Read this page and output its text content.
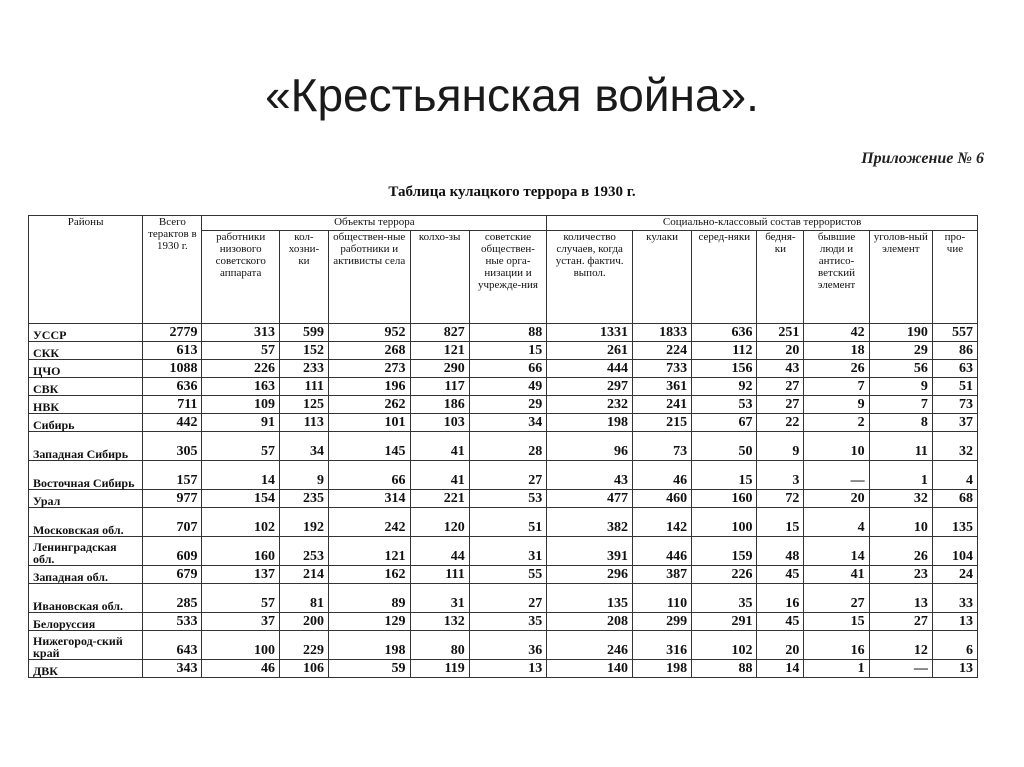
«Крестьянская война».
Приложение № 6
Таблица кулацкого террора в 1930 г.
Районы	Всего терактов в 1930 г.	Объекты террора					Социально-классовый состав террористов						
		работники низового советского аппарата	кол-хозни-ки	обществен-ные работники и активисты села	колхо-зы	советские обществен-ные орга-низации и учрежде-ния	количество случаев, когда устан. фактич. выпол.	кулаки	серед-няки	бедня-ки	бывшие люди и антисо-ветский элемент	уголов-ный элемент	про-чие
УССР	2779	313	599	952	827	88	1331	1833	636	251	42	190	557
СКК	613	57	152	268	121	15	261	224	112	20	18	29	86
ЦЧО	1088	226	233	273	290	66	444	733	156	43	26	56	63
СВК	636	163	111	196	117	49	297	361	92	27	7	9	51
НВК	711	109	125	262	186	29	232	241	53	27	9	7	73
Сибирь	442	91	113	101	103	34	198	215	67	22	2	8	37
Западная Сибирь	305	57	34	145	41	28	96	73	50	9	10	11	32
Восточная Сибирь	157	14	9	66	41	27	43	46	15	3	—	1	4
Урал	977	154	235	314	221	53	477	460	160	72	20	32	68
Московская обл.	707	102	192	242	120	51	382	142	100	15	4	10	135
Ленинградская обл.	609	160	253	121	44	31	391	446	159	48	14	26	104
Западная обл.	679	137	214	162	111	55	296	387	226	45	41	23	24
Ивановская обл.	285	57	81	89	31	27	135	110	35	16	27	13	33
Белоруссия	533	37	200	129	132	35	208	299	291	45	15	27	13
Нижегород-ский край	643	100	229	198	80	36	246	316	102	20	16	12	6
ДВК	343	46	106	59	119	13	140	198	88	14	1	—	13
